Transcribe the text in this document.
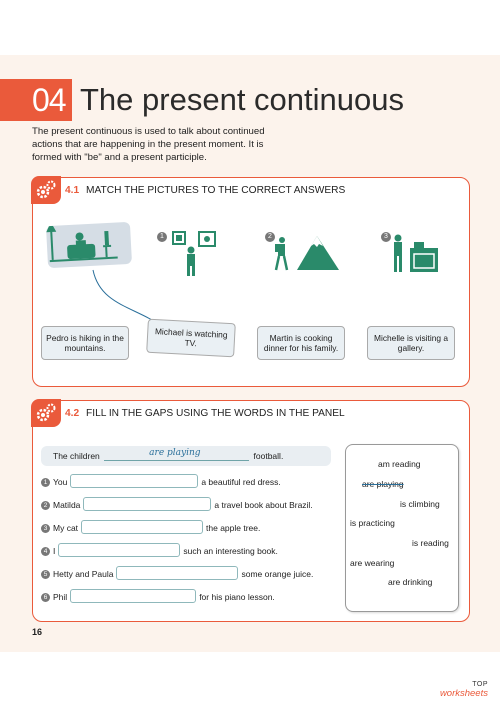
04 The present continuous

The present continuous is used to talk about continued actions that are happening in the present moment. It is formed with "be" and a present participle.

4.1 MATCH THE PICTURES TO THE CORRECT ANSWERS
1	2	3
Pedro is hiking in the mountains.
Michael is watching TV.	Martin is cooking dinner for his family.
Michelle is visiting a gallery.
4.2 FILL IN THE GAPS USING THE WORDS IN THE PANEL
The children	are playing	football.
1 You	a beautiful red dress.
2 Matilda	a travel book about Brazil.
3 My cat	the apple tree.
4 I	such an interesting book.
5 Hetty and Paula	some orange juice.
6 Phil	for his piano lesson.
am reading
are playing
is climbing
is practicing
is reading
are wearing
are drinking
16
TOP
worksheets
